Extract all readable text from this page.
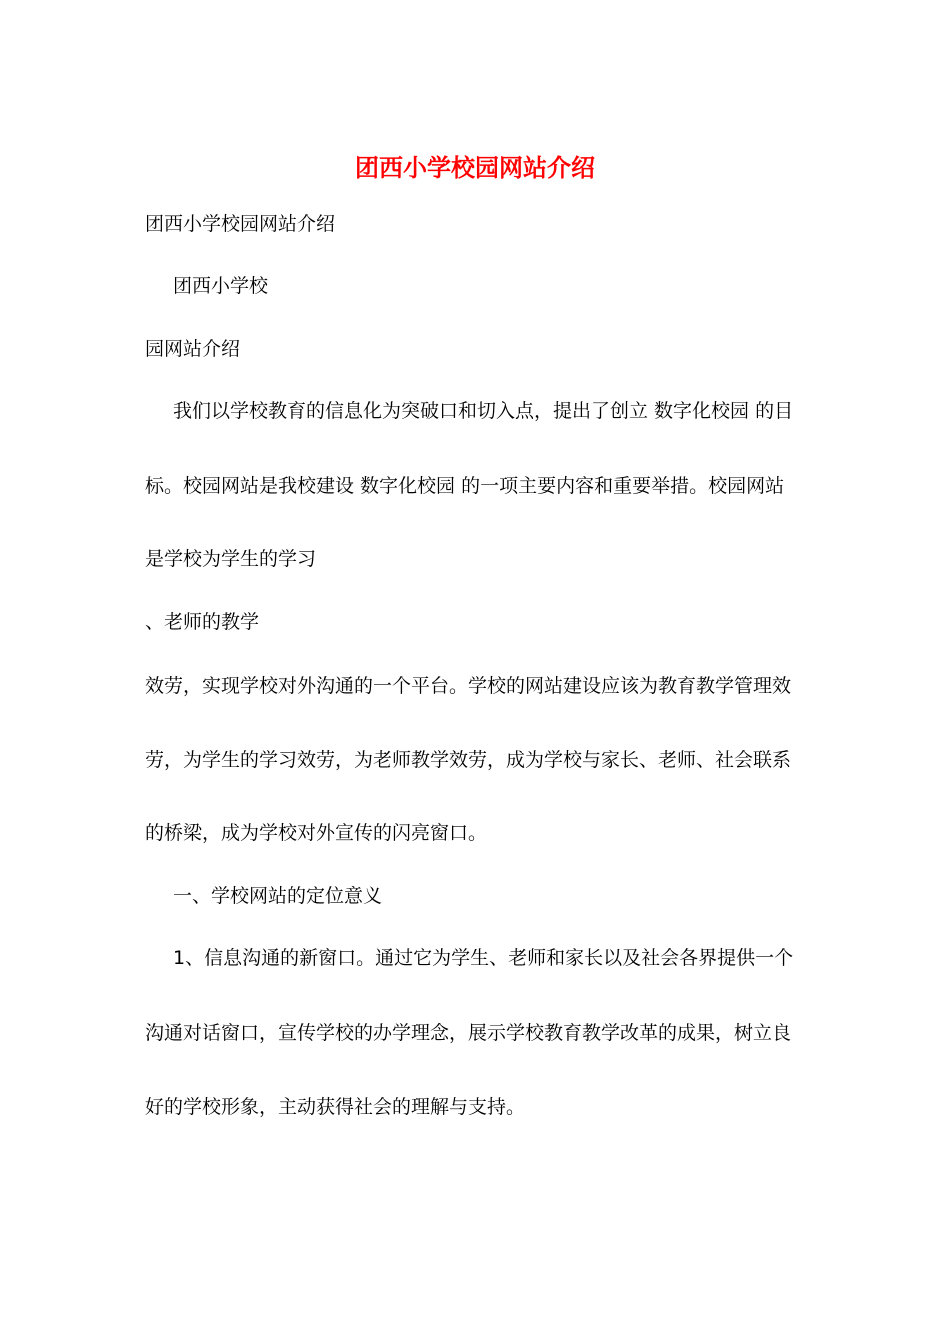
团西小学校园网站介绍

团西小学校园网站介绍

团西小学校

园网站介绍

我们以学校教育的信息化为突破口和切入点，提出了创立 数字化校园 的目

标。校园网站是我校建设 数字化校园 的一项主要内容和重要举措。校园网站

是学校为学生的学习

、老师的教学

效劳，实现学校对外沟通的一个平台。学校的网站建设应该为教育教学管理效

劳，为学生的学习效劳，为老师教学效劳，成为学校与家长、老师、社会联系

的桥梁，成为学校对外宣传的闪亮窗口。

一、学校网站的定位意义

1、信息沟通的新窗口。通过它为学生、老师和家长以及社会各界提供一个

沟通对话窗口，宣传学校的办学理念，展示学校教育教学改革的成果，树立良

好的学校形象，主动获得社会的理解与支持。
